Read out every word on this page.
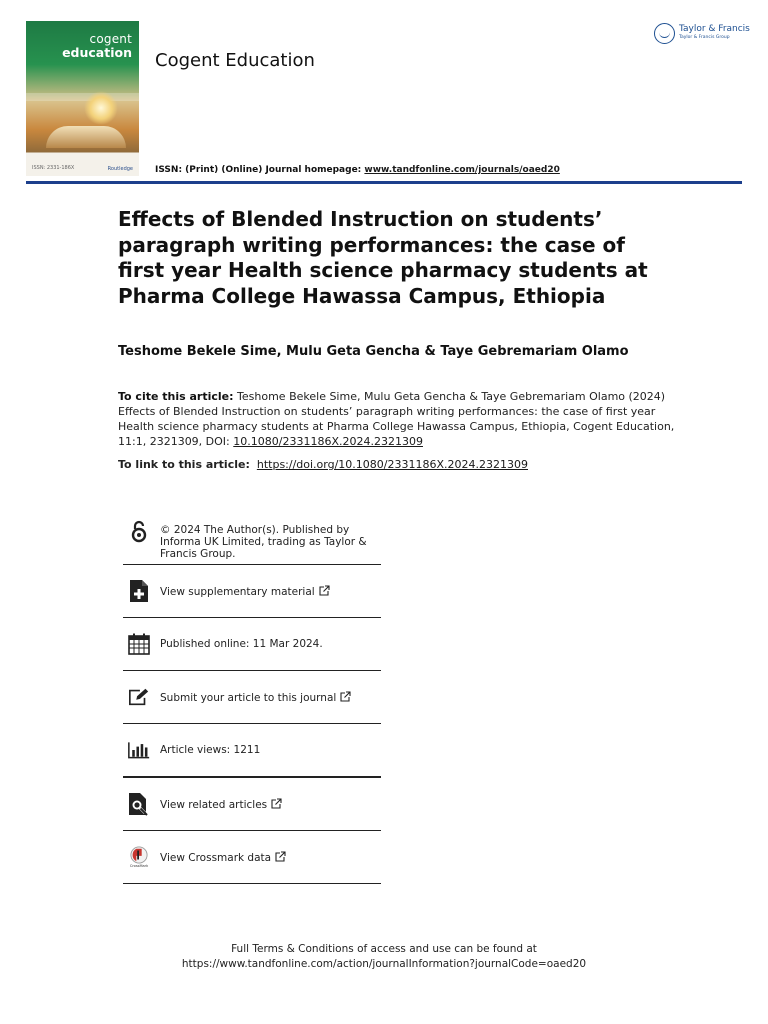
cogent
education
ISSN: 2331-186X	Routledge
Cogent Education
ISSN: (Print) (Online) Journal homepage: www.tandfonline.com/journals/oaed20
Taylor & Francis
Taylor & Francis Group
Effects of Blended Instruction on students’ paragraph writing performances: the case of first year Health science pharmacy students at Pharma College Hawassa Campus, Ethiopia
Teshome Bekele Sime, Mulu Geta Gencha & Taye Gebremariam Olamo
To cite this article: Teshome Bekele Sime, Mulu Geta Gencha & Taye Gebremariam Olamo (2024) Effects of Blended Instruction on students’ paragraph writing performances: the case of first year Health science pharmacy students at Pharma College Hawassa Campus, Ethiopia, Cogent Education, 11:1, 2321309, DOI: 10.1080/2331186X.2024.2321309
To link to this article: https://doi.org/10.1080/2331186X.2024.2321309
© 2024 The Author(s). Published by Informa UK Limited, trading as Taylor & Francis Group.
View supplementary material
Published online: 11 Mar 2024.
Submit your article to this journal
Article views: 1211
View related articles
CrossMark
View Crossmark data
Full Terms & Conditions of access and use can be found at
https://www.tandfonline.com/action/journalInformation?journalCode=oaed20
